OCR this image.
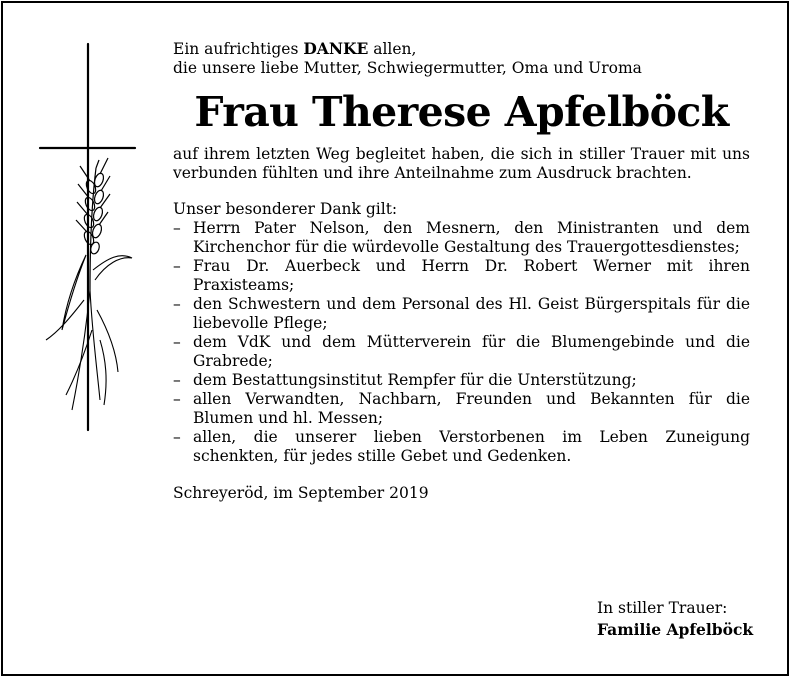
Ein aufrichtiges DANKE allen,

die unsere liebe Mutter, Schwiegermutter, Oma und Uroma

Frau Therese Apfelböck

auf ihrem letzten Weg begleitet haben, die sich in stiller Trauer mit uns verbunden fühlten und ihre Anteilnahme zum Ausdruck brachten.

Unser besonderer Dank gilt:

– Herrn Pater Nelson, den Mesnern, den Ministranten und dem Kirchenchor für die würdevolle Gestaltung des Trauergottesdienstes;
– Frau Dr. Auerbeck und Herrn Dr. Robert Werner mit ihren Praxisteams;
– den Schwestern und dem Personal des Hl. Geist Bürgerspitals für die liebevolle Pflege;
– dem VdK und dem Mütterverein für die Blumengebinde und die Grabrede;
– dem Bestattungsinstitut Rempfer für die Unterstützung;
– allen Verwandten, Nachbarn, Freunden und Bekannten für die Blumen und hl. Messen;
– allen, die unserer lieben Verstorbenen im Leben Zuneigung schenkten, für jedes stille Gebet und Gedenken.

Schreyeröd, im September 2019

In stiller Trauer:
Familie Apfelböck
